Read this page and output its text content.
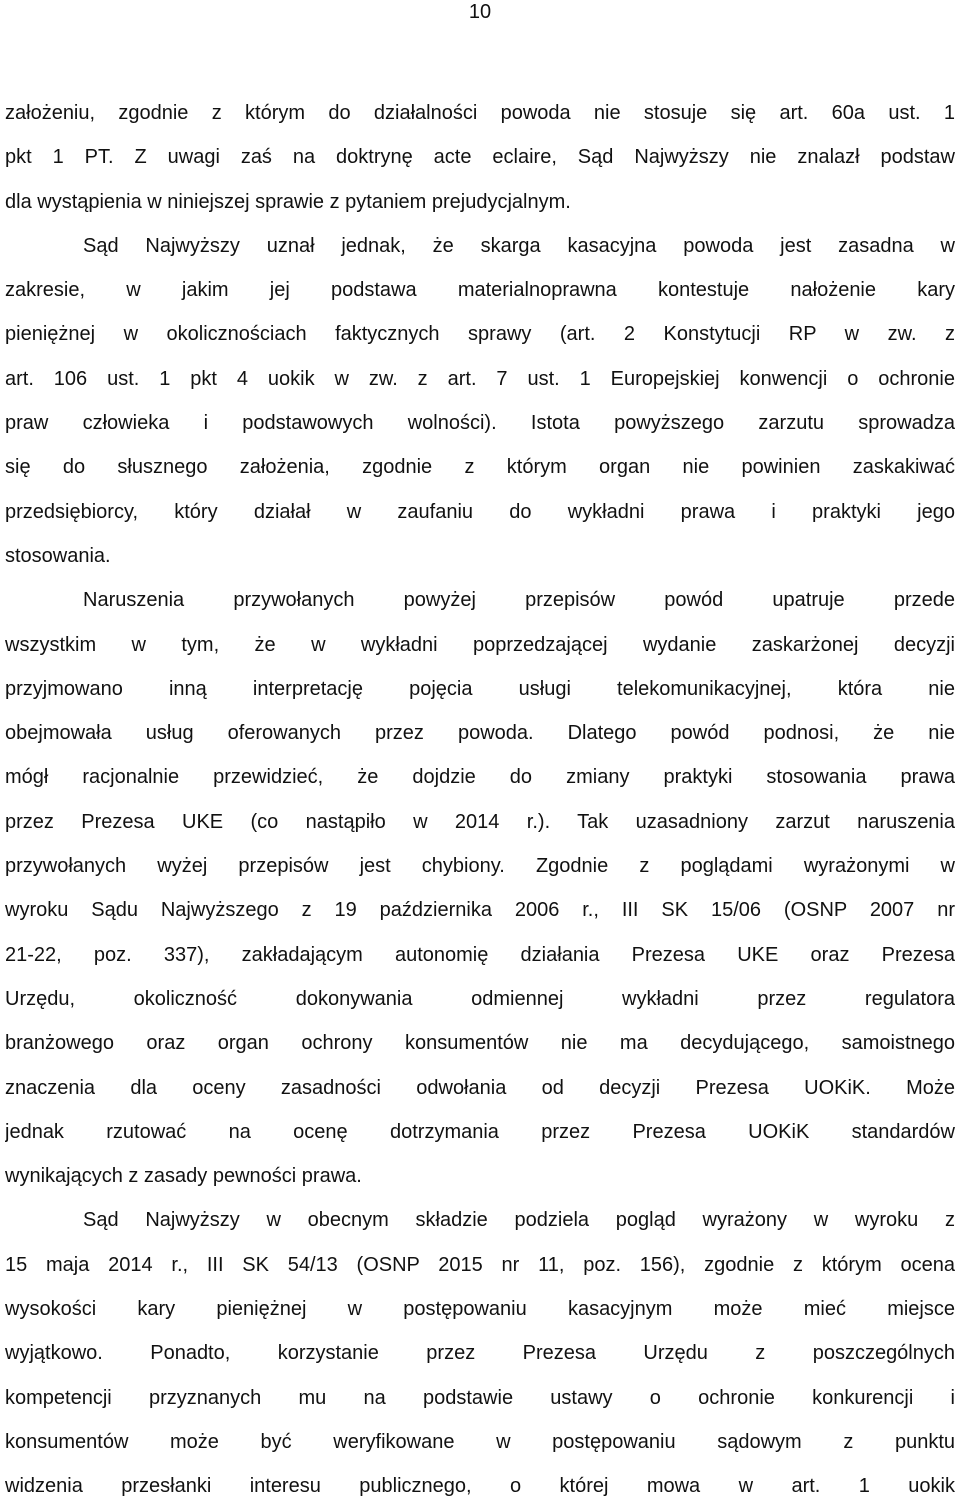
10
założeniu, zgodnie z którym do działalności powoda nie stosuje się art. 60a ust. 1
pkt 1 PT. Z uwagi zaś na doktrynę acte eclaire, Sąd Najwyższy nie znalazł podstaw
dla wystąpienia w niniejszej sprawie z pytaniem prejudycjalnym.
Sąd Najwyższy uznał jednak, że skarga kasacyjna powoda jest zasadna w
zakresie, w jakim jej podstawa materialnoprawna kontestuje nałożenie kary
pieniężnej w okolicznościach faktycznych sprawy (art. 2 Konstytucji RP w zw. z
art. 106 ust. 1 pkt 4 uokik w zw. z art. 7 ust. 1 Europejskiej konwencji o ochronie
praw człowieka i podstawowych wolności). Istota powyższego zarzutu sprowadza
się do słusznego założenia, zgodnie z którym organ nie powinien zaskakiwać
przedsiębiorcy, który działał w zaufaniu do wykładni prawa i praktyki jego
stosowania.
Naruszenia przywołanych powyżej przepisów powód upatruje przede
wszystkim w tym, że w wykładni poprzedzającej wydanie zaskarżonej decyzji
przyjmowano inną interpretację pojęcia usługi telekomunikacyjnej, która nie
obejmowała usług oferowanych przez powoda. Dlatego powód podnosi, że nie
mógł racjonalnie przewidzieć, że dojdzie do zmiany praktyki stosowania prawa
przez Prezesa UKE (co nastąpiło w 2014 r.). Tak uzasadniony zarzut naruszenia
przywołanych wyżej przepisów jest chybiony. Zgodnie z poglądami wyrażonymi w
wyroku Sądu Najwyższego z 19 października 2006 r., III SK 15/06 (OSNP 2007 nr
21-22, poz. 337), zakładającym autonomię działania Prezesa UKE oraz Prezesa
Urzędu, okoliczność dokonywania odmiennej wykładni przez regulatora
branżowego oraz organ ochrony konsumentów nie ma decydującego, samoistnego
znaczenia dla oceny zasadności odwołania od decyzji Prezesa UOKiK. Może
jednak rzutować na ocenę dotrzymania przez Prezesa UOKiK standardów
wynikających z zasady pewności prawa.
Sąd Najwyższy w obecnym składzie podziela pogląd wyrażony w wyroku z
15 maja 2014 r., III SK 54/13 (OSNP 2015 nr 11, poz. 156), zgodnie z którym ocena
wysokości kary pieniężnej w postępowaniu kasacyjnym może mieć miejsce
wyjątkowo. Ponadto, korzystanie przez Prezesa Urzędu z poszczególnych
kompetencji przyznanych mu na podstawie ustawy o ochronie konkurencji i
konsumentów może być weryfikowane w postępowaniu sądowym z punktu
widzenia przesłanki interesu publicznego, o której mowa w art. 1 uokik
